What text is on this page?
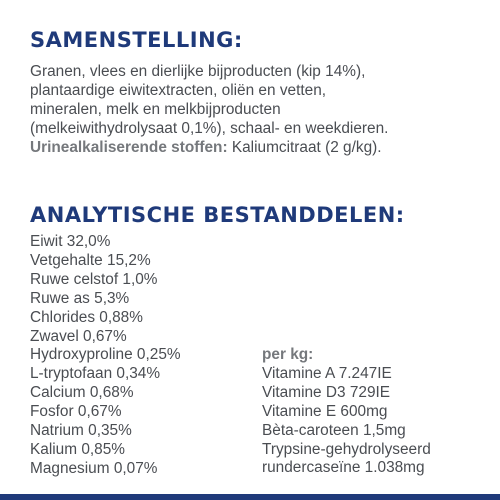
SAMENSTELLING:

Granen, vlees en dierlijke bijproducten (kip 14%),
plantaardige eiwitextracten, oliën en vetten,
mineralen, melk en melkbijproducten
(melkeiwithydrolysaat 0,1%), schaal- en weekdieren.
Urinealkaliserende stoffen: Kaliumcitraat (2 g/kg).

ANALYTISCHE BESTANDDELEN:
Eiwit 32,0%
Vetgehalte 15,2%
Ruwe celstof 1,0%
Ruwe as 5,3%
Chlorides 0,88%
Zwavel 0,67%
Hydroxyproline 0,25%
L-tryptofaan 0,34%
Calcium 0,68%
Fosfor 0,67%
Natrium 0,35%
Kalium 0,85%
Magnesium 0,07%
per kg:
Vitamine A 7.247IE
Vitamine D3 729IE
Vitamine E 600mg
Bèta-caroteen 1,5mg
Trypsine-gehydrolyseerd
rundercaseïne 1.038mg
